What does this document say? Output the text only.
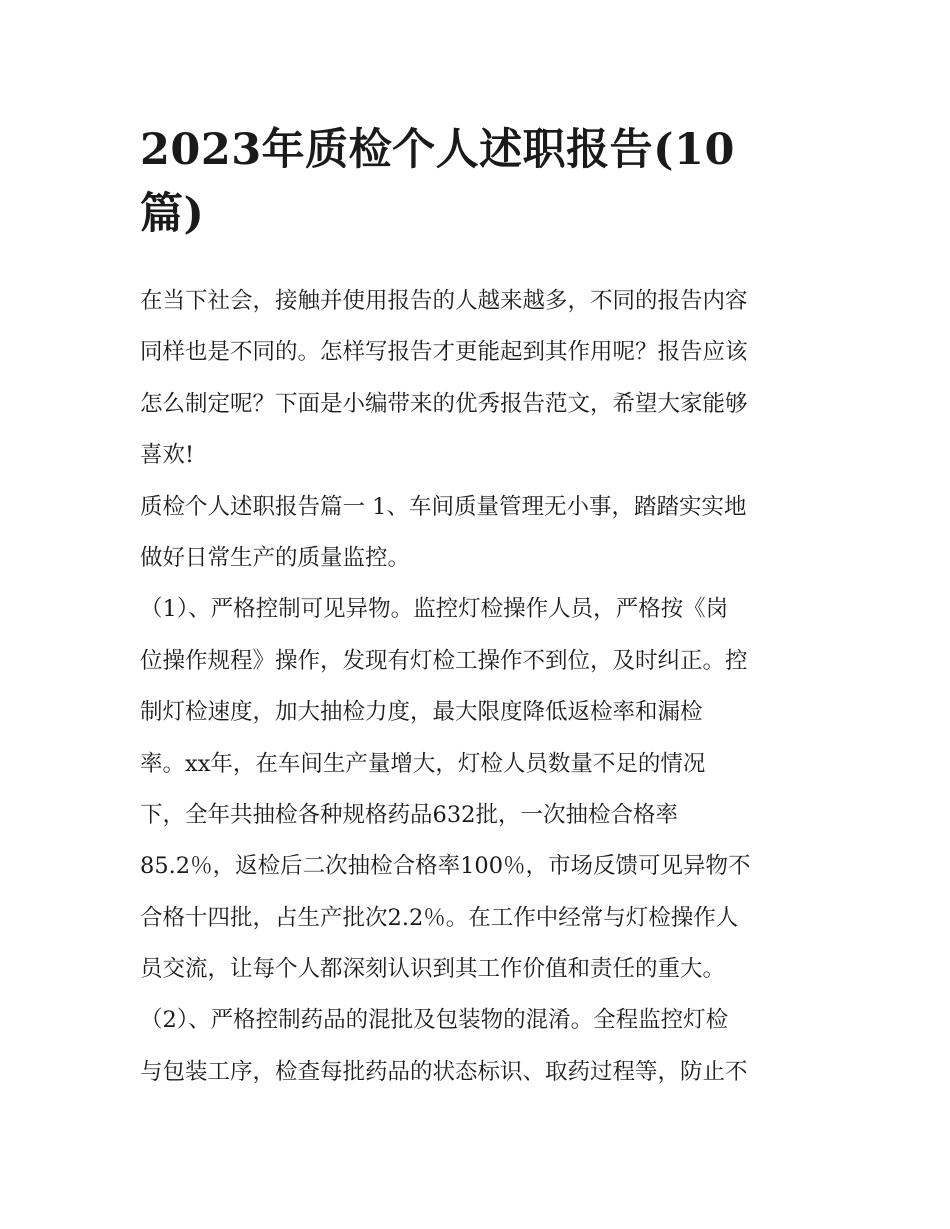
2023年质检个人述职报告(10
篇)
在当下社会，接触并使用报告的人越来越多，不同的报告内容
同样也是不同的。怎样写报告才更能起到其作用呢？报告应该
怎么制定呢？下面是小编带来的优秀报告范文，希望大家能够
喜欢!
质检个人述职报告篇一 1、车间质量管理无小事，踏踏实实地
做好日常生产的质量监控。
（1）、严格控制可见异物。监控灯检操作人员，严格按《岗
位操作规程》操作，发现有灯检工操作不到位，及时纠正。控
制灯检速度，加大抽检力度，最大限度降低返检率和漏检
率。xx年，在车间生产量增大，灯检人员数量不足的情况
下，全年共抽检各种规格药品632批，一次抽检合格率
85.2％，返检后二次抽检合格率100％，市场反馈可见异物不
合格十四批，占生产批次2.2％。在工作中经常与灯检操作人
员交流，让每个人都深刻认识到其工作价值和责任的重大。
（2）、严格控制药品的混批及包装物的混淆。全程监控灯检
与包装工序，检查每批药品的状态标识、取药过程等，防止不
